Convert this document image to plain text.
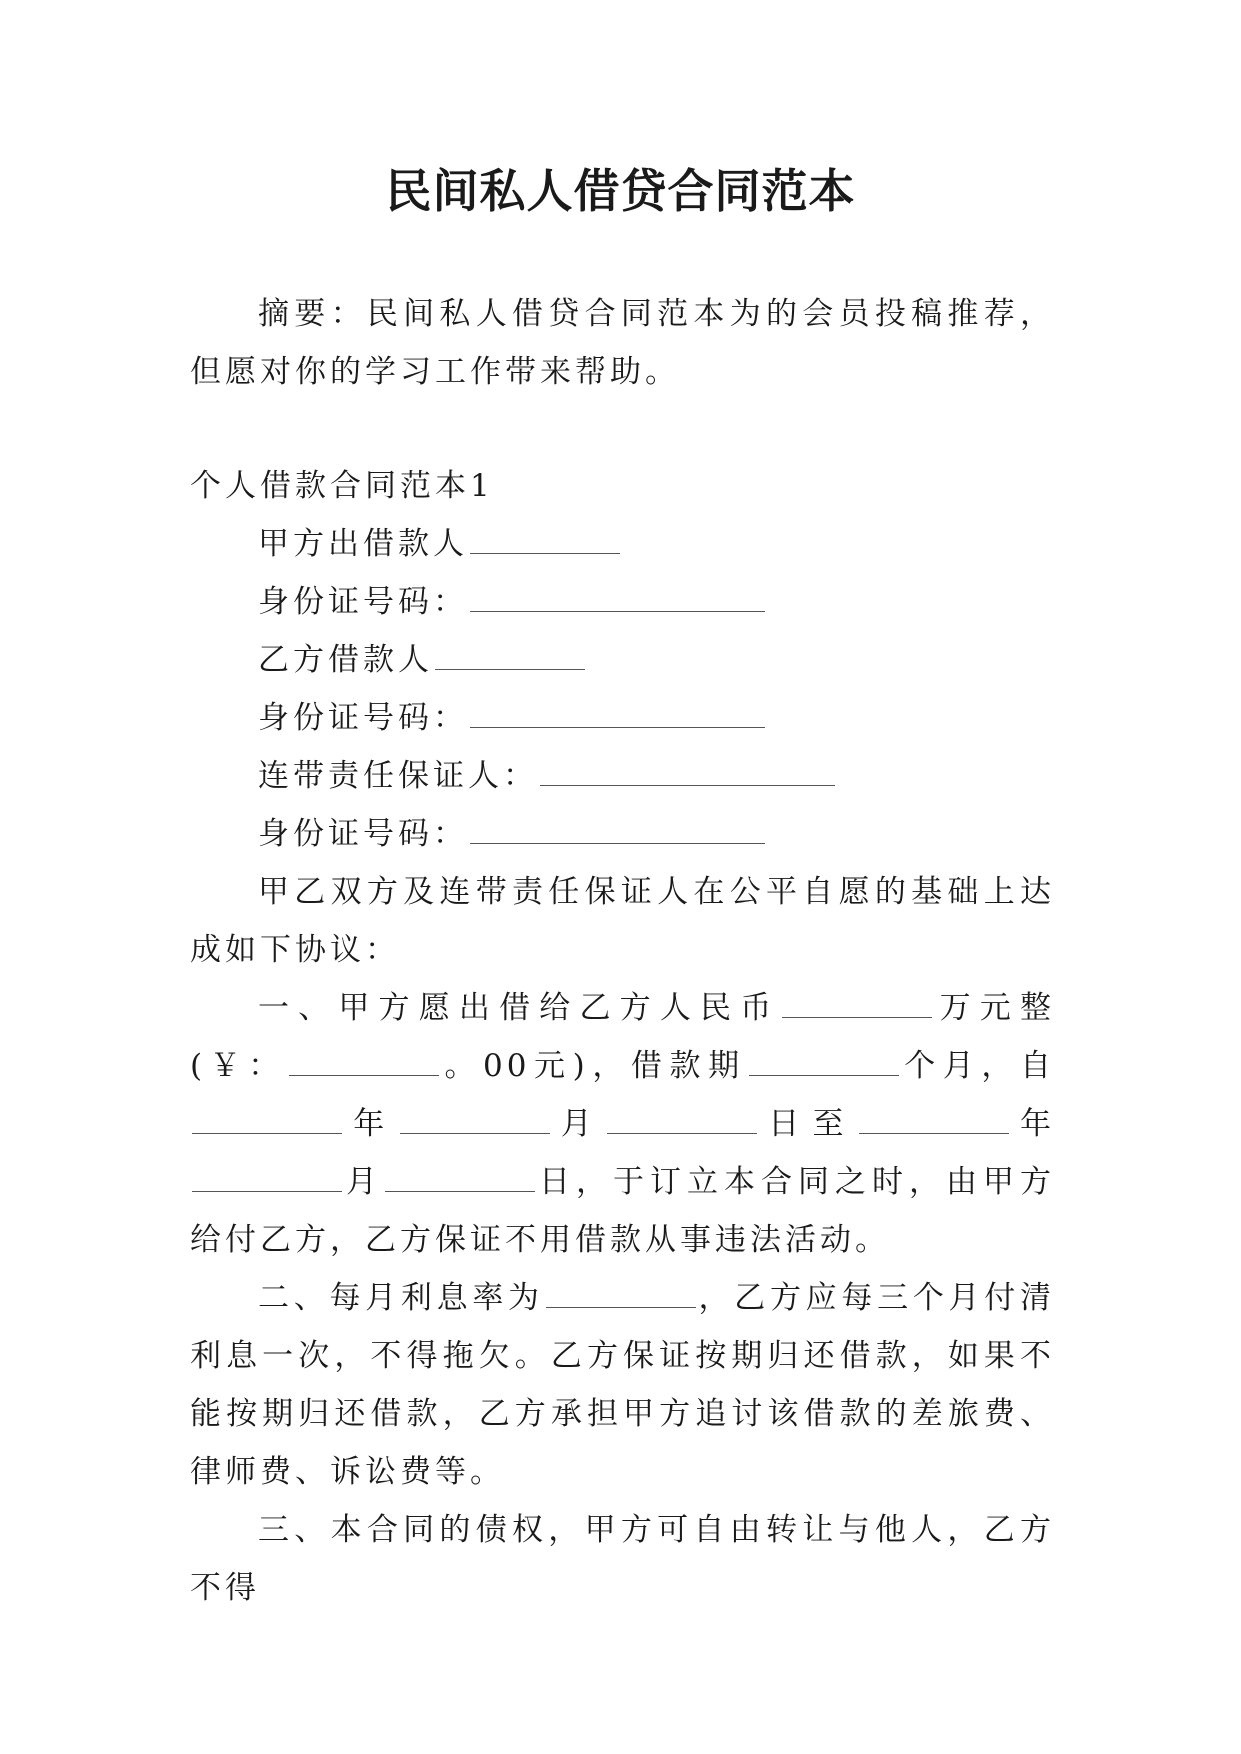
民间私人借贷合同范本

摘要：民间私人借贷合同范本为的会员投稿推荐，但愿对你的学习工作带来帮助。

个人借款合同范本1

甲方出借款人

身份证号码：

乙方借款人

身份证号码：

连带责任保证人：

身份证号码：

甲乙双方及连带责任保证人在公平自愿的基础上达成如下协议：

一、甲方愿出借给乙方人民币	万元整(￥：	。00元)，借款期	个月，自年	月	日至	年月	日，于订立本合同之时，由甲方给付乙方，乙方保证不用借款从事违法活动。

二、每月利息率为	，乙方应每三个月付清利息一次，不得拖欠。乙方保证按期归还借款，如果不能按期归还借款，乙方承担甲方追讨该借款的差旅费、律师费、诉讼费等。

三、本合同的债权，甲方可自由转让与他人，乙方不得
